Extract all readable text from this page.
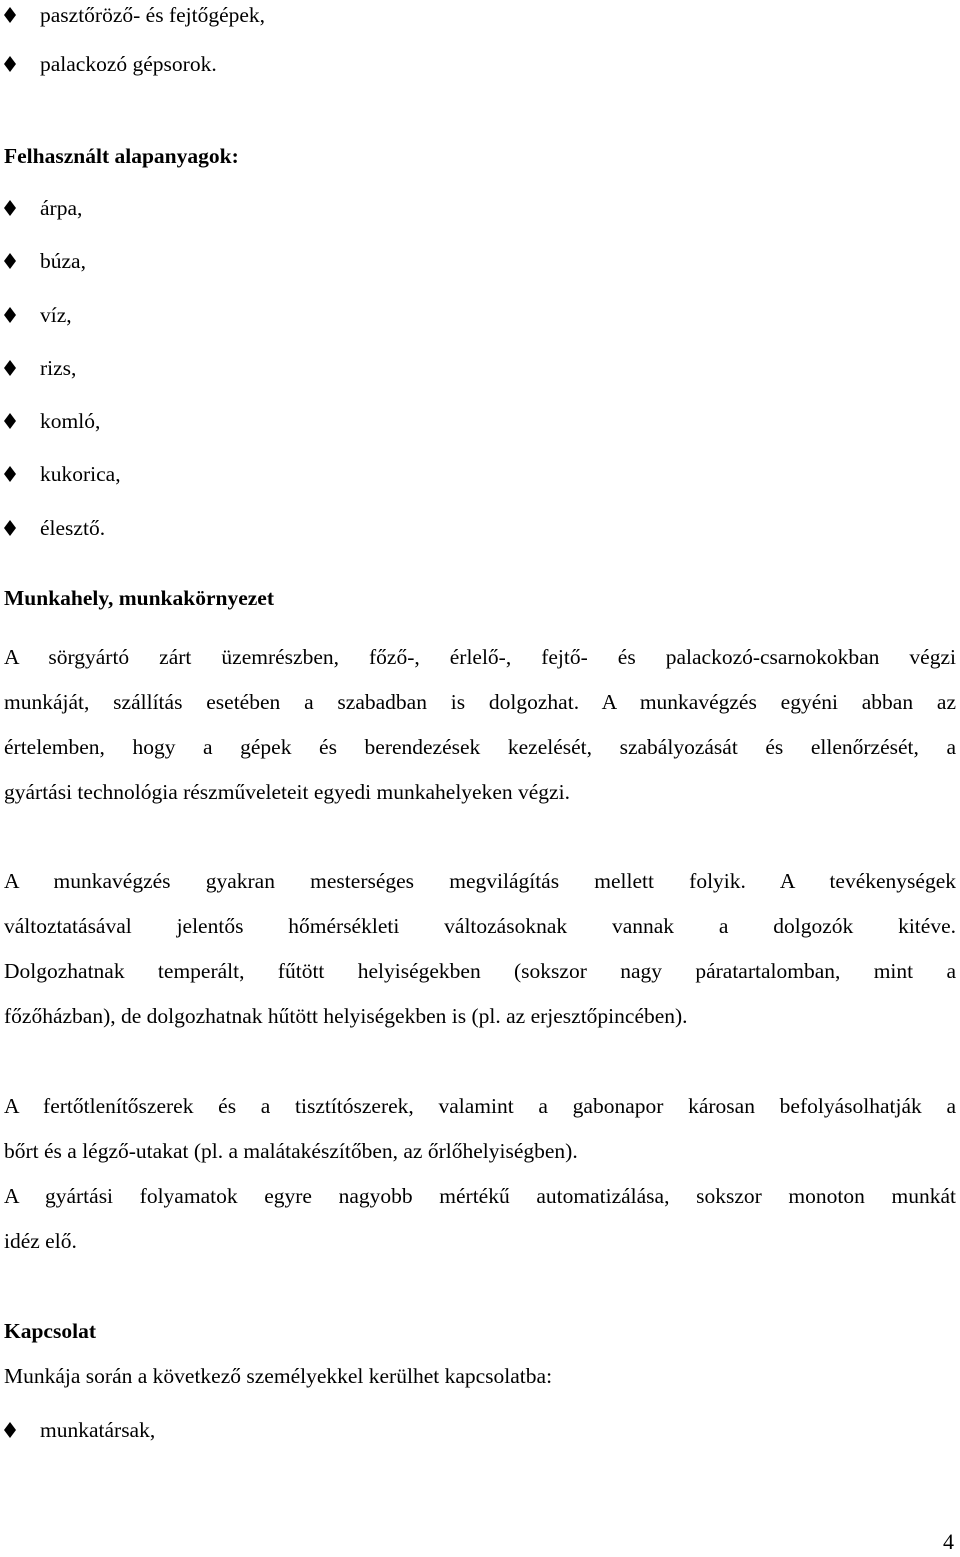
pasztőröző- és fejtőgépek,
palackozó gépsorok.
Felhasznált alapanyagok:
árpa,
búza,
víz,
rizs,
komló,
kukorica,
élesztő.
Munkahely, munkakörnyezet
A sörgyártó zárt üzemrészben, főző-, érlelő-, fejtő- és palackozó-csarnokokban végzi
munkáját, szállítás esetében a szabadban is dolgozhat. A munkavégzés egyéni abban az
értelemben, hogy a gépek és berendezések kezelését, szabályozását és ellenőrzését, a
gyártási technológia részműveleteit egyedi munkahelyeken végzi.
A munkavégzés gyakran mesterséges megvilágítás mellett folyik. A tevékenységek
változtatásával jelentős hőmérsékleti változásoknak vannak a dolgozók kitéve.
Dolgozhatnak temperált, fűtött helyiségekben (sokszor nagy páratartalomban, mint a
főzőházban), de dolgozhatnak hűtött helyiségekben is (pl. az erjesztőpincében).
A fertőtlenítőszerek és a tisztítószerek, valamint a gabonapor károsan befolyásolhatják a
bőrt és a légző-utakat (pl. a malátakészítőben, az őrlőhelyiségben).
A gyártási folyamatok egyre nagyobb mértékű automatizálása, sokszor monoton munkát
idéz elő.
Kapcsolat
Munkája során a következő személyekkel kerülhet kapcsolatba:
munkatársak,
4
